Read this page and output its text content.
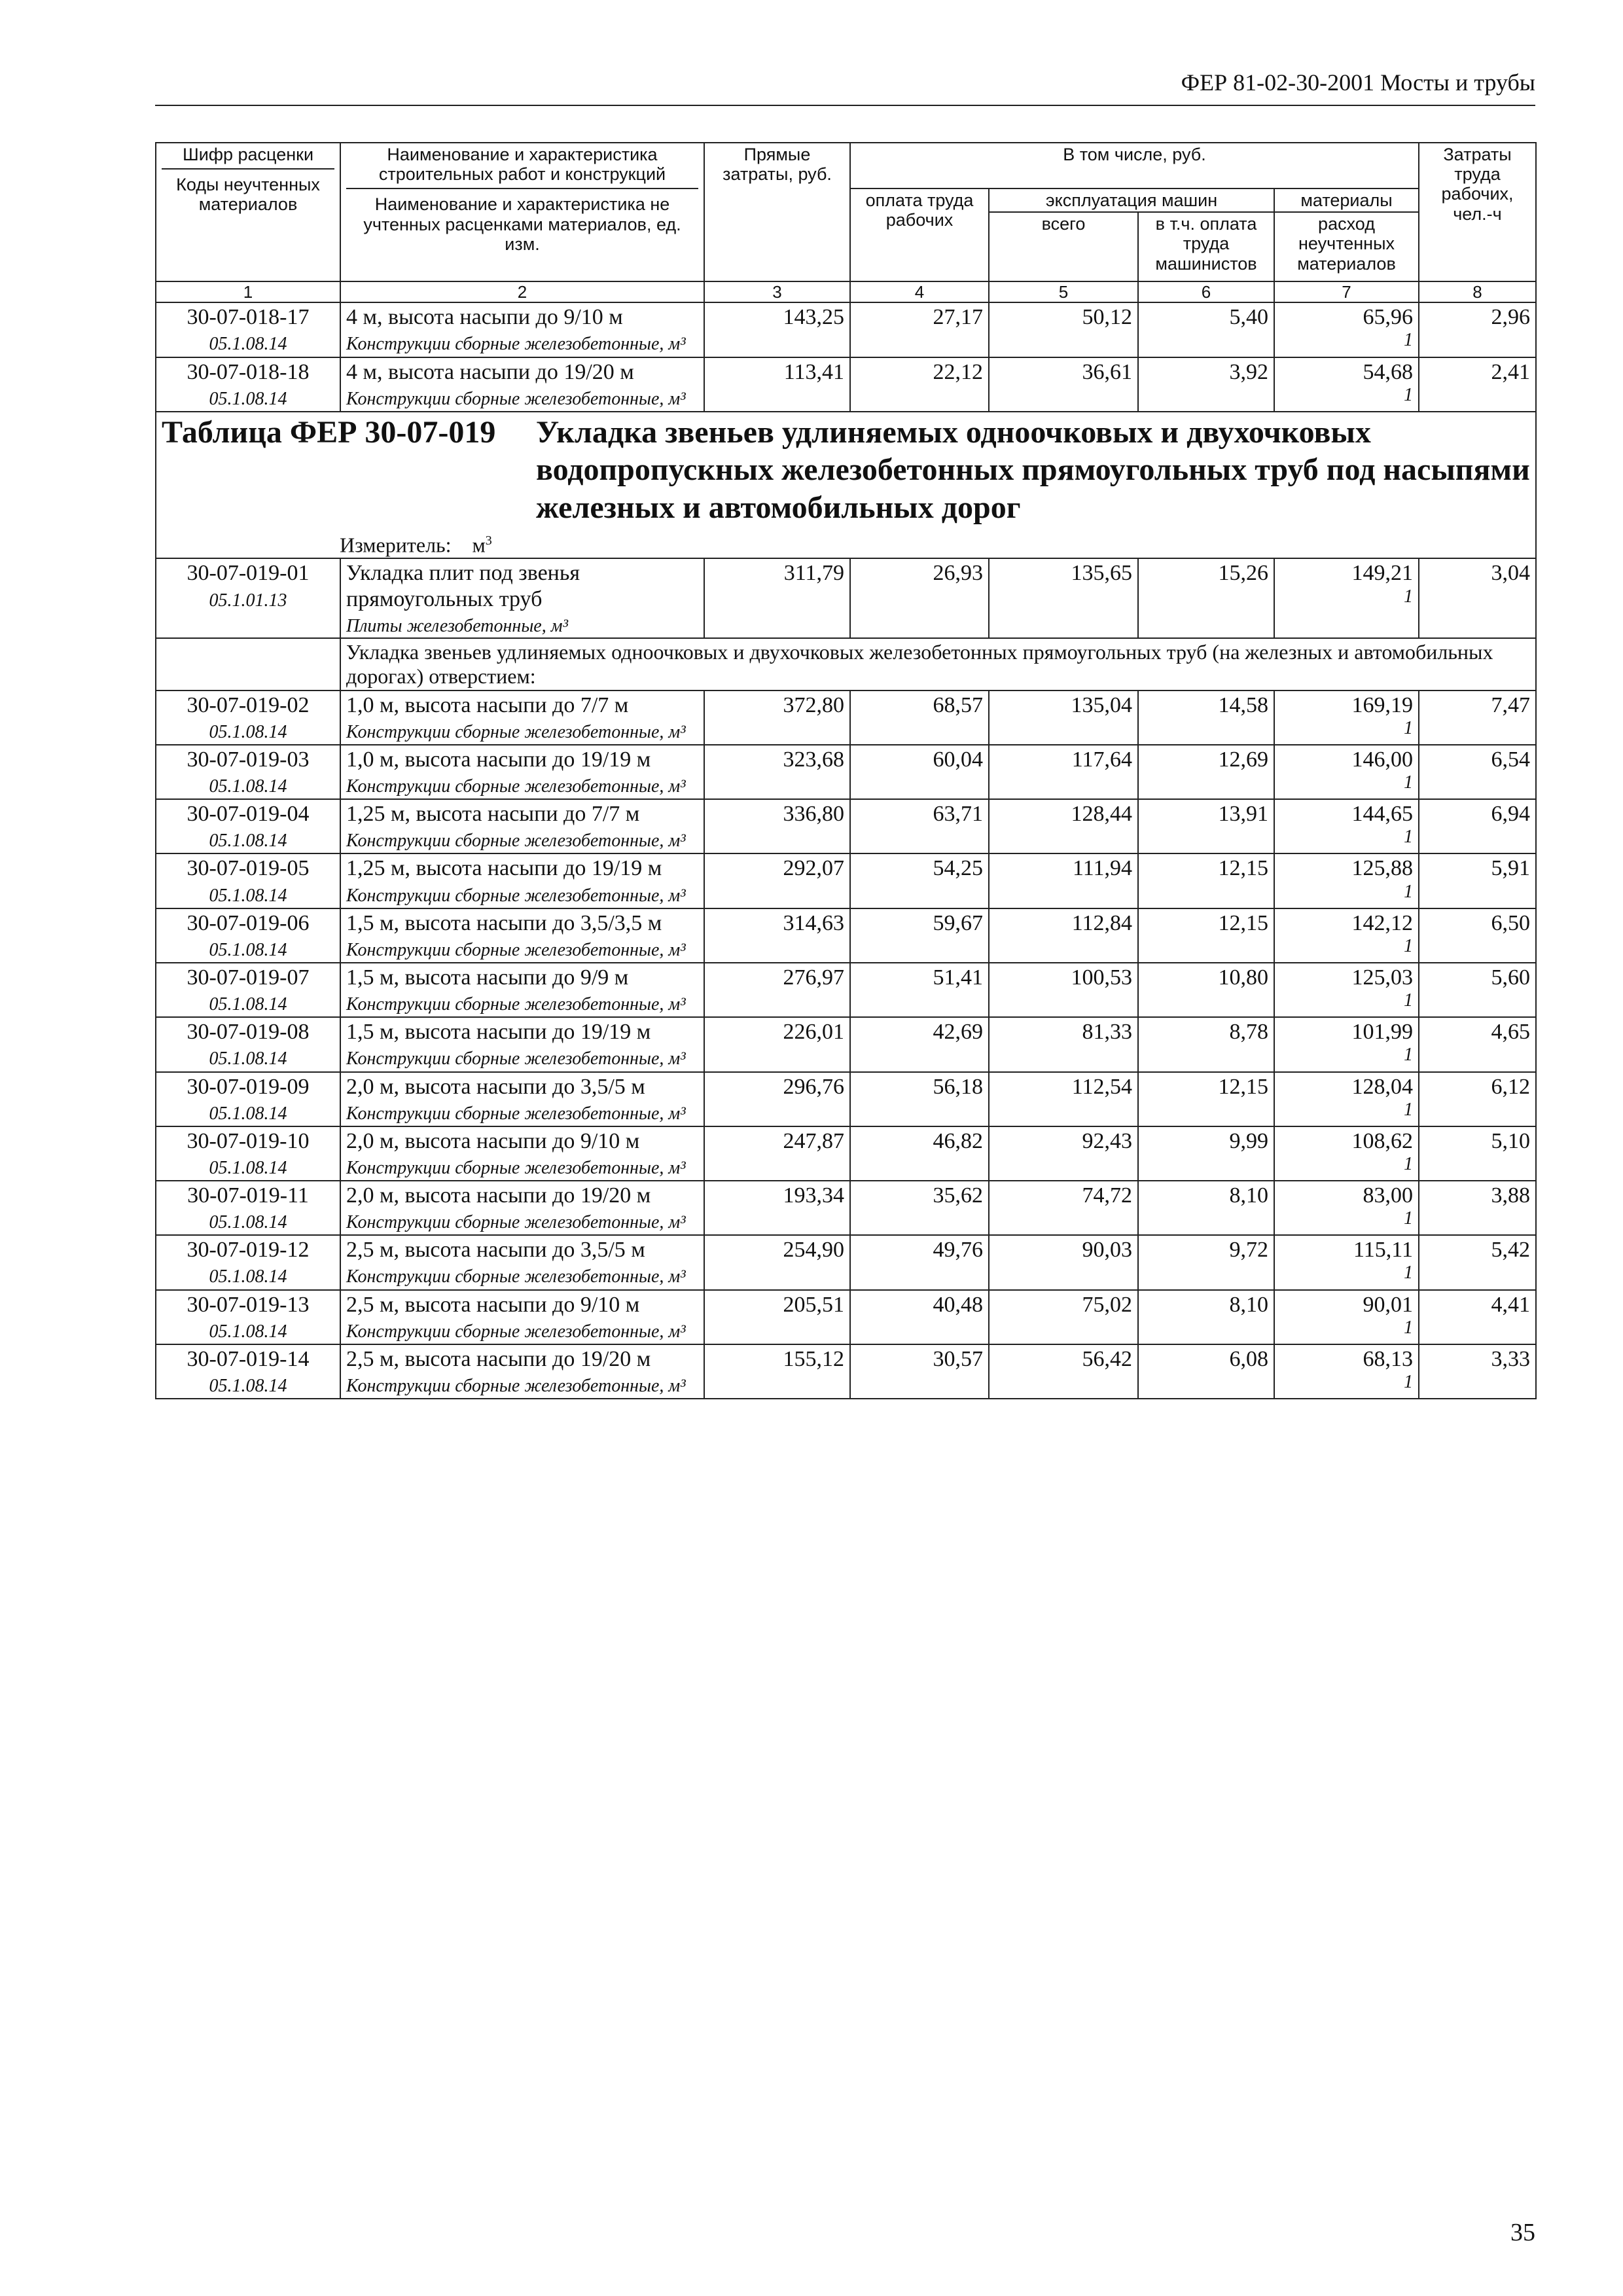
ФЕР 81-02-30-2001 Мосты и трубы
Шифр расценки
Коды неучтенных материалов

Наименование и характеристика строительных работ и конструкций
Наименование и характеристика не учтенных расценками материалов, ед. изм.
	Прямые затраты, руб.	В том числе, руб.	Затраты труда рабочих, чел.-ч
оплата труда рабочих	эксплуатация машин	материалы
всего	в т.ч. оплата труда машинистов	расход неучтенных материалов
1	2	3	4	5	6	7	8

30-07-018-17
05.1.08.14

4 м, высота насыпи до 9/10 м
Конструкции сборные железобетонные, м³

143,25	27,17	50,12	5,40	65,96
1

2,96

30-07-018-18
05.1.08.14

4 м, высота насыпи до 19/20 м
Конструкции сборные железобетонные, м³

113,41	22,12	36,61	3,92	54,68
1

2,41

Таблица ФЕР 30-07-019	Укладка звеньев удлиняемых одноочковых и двухочковых водопропускных железобетонных прямоугольных труб под насыпями железных и автомобильных дорог
Измеритель: $м^3$

30-07-019-01
05.1.01.13

Укладка плит под звенья прямоугольных труб
Плиты железобетонные, м³

311,79	26,93	135,65	15,26	149,21
1

3,04

	Укладка звеньев удлиняемых одноочковых и двухочковых железобетонных прямоугольных труб (на железных и автомобильных дорогах) отверстием:

30-07-019-02
05.1.08.14

1,0 м, высота насыпи до 7/7 м
Конструкции сборные железобетонные, м³

372,80	68,57	135,04	14,58	169,19
1

7,47

30-07-019-03
05.1.08.14

1,0 м, высота насыпи до 19/19 м
Конструкции сборные железобетонные, м³

323,68	60,04	117,64	12,69	146,00
1

6,54

30-07-019-04
05.1.08.14

1,25 м, высота насыпи до 7/7 м
Конструкции сборные железобетонные, м³

336,80	63,71	128,44	13,91	144,65
1

6,94

30-07-019-05
05.1.08.14

1,25 м, высота насыпи до 19/19 м
Конструкции сборные железобетонные, м³

292,07	54,25	111,94	12,15	125,88
1

5,91

30-07-019-06
05.1.08.14

1,5 м, высота насыпи до 3,5/3,5 м
Конструкции сборные железобетонные, м³

314,63	59,67	112,84	12,15	142,12
1

6,50

30-07-019-07
05.1.08.14

1,5 м, высота насыпи до 9/9 м
Конструкции сборные железобетонные, м³

276,97	51,41	100,53	10,80	125,03
1

5,60

30-07-019-08
05.1.08.14

1,5 м, высота насыпи до 19/19 м
Конструкции сборные железобетонные, м³

226,01	42,69	81,33	8,78	101,99
1

4,65

30-07-019-09
05.1.08.14

2,0 м, высота насыпи до 3,5/5 м
Конструкции сборные железобетонные, м³

296,76	56,18	112,54	12,15	128,04
1

6,12

30-07-019-10
05.1.08.14

2,0 м, высота насыпи до 9/10 м
Конструкции сборные железобетонные, м³

247,87	46,82	92,43	9,99	108,62
1

5,10

30-07-019-11
05.1.08.14

2,0 м, высота насыпи до 19/20 м
Конструкции сборные железобетонные, м³

193,34	35,62	74,72	8,10	83,00
1

3,88

30-07-019-12
05.1.08.14

2,5 м, высота насыпи до 3,5/5 м
Конструкции сборные железобетонные, м³

254,90	49,76	90,03	9,72	115,11
1

5,42

30-07-019-13
05.1.08.14

2,5 м, высота насыпи до 9/10 м
Конструкции сборные железобетонные, м³

205,51	40,48	75,02	8,10	90,01
1

4,41

30-07-019-14
05.1.08.14

2,5 м, высота насыпи до 19/20 м
Конструкции сборные железобетонные, м³

155,12	30,57	56,42	6,08	68,13
1

3,33
35
